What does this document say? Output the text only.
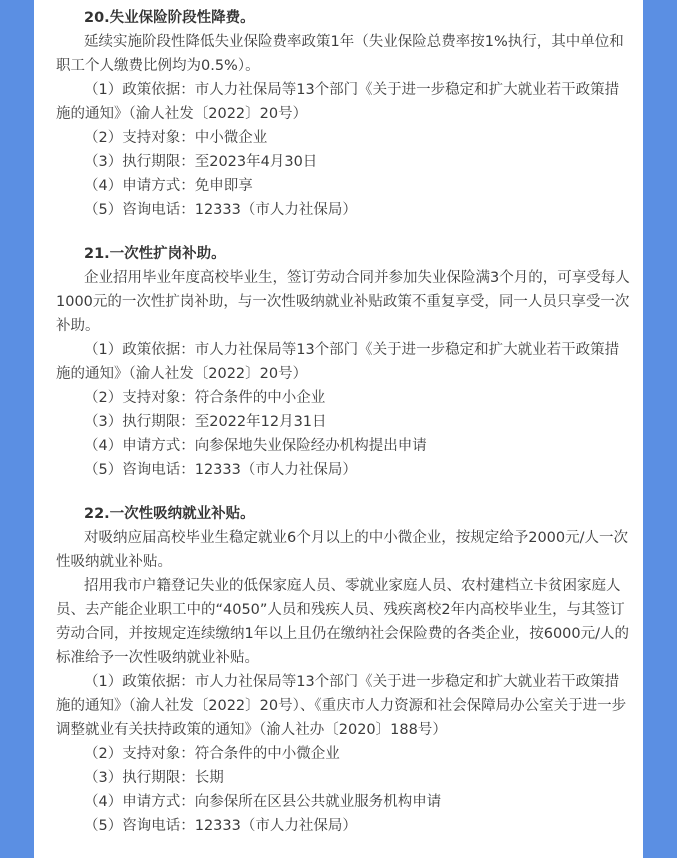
20.失业保险阶段性降费。

延续实施阶段性降低失业保险费率政策1年（失业保险总费率按1%执行，其中单位和职工个人缴费比例均为0.5%）。

（1）政策依据：市人力社保局等13个部门《关于进一步稳定和扩大就业若干政策措施的通知》（渝人社发〔2022〕20号）

（2）支持对象：中小微企业

（3）执行期限：至2023年4月30日

（4）申请方式：免申即享

（5）咨询电话：12333（市人力社保局）

21.一次性扩岗补助。

企业招用毕业年度高校毕业生，签订劳动合同并参加失业保险满3个月的，可享受每人1000元的一次性扩岗补助，与一次性吸纳就业补贴政策不重复享受，同一人员只享受一次补助。

（1）政策依据：市人力社保局等13个部门《关于进一步稳定和扩大就业若干政策措施的通知》（渝人社发〔2022〕20号）

（2）支持对象：符合条件的中小企业

（3）执行期限：至2022年12月31日

（4）申请方式：向参保地失业保险经办机构提出申请

（5）咨询电话：12333（市人力社保局）

22.一次性吸纳就业补贴。

对吸纳应届高校毕业生稳定就业6个月以上的中小微企业，按规定给予2000元/人一次性吸纳就业补贴。

招用我市户籍登记失业的低保家庭人员、零就业家庭人员、农村建档立卡贫困家庭人员、去产能企业职工中的“4050”人员和残疾人员、残疾离校2年内高校毕业生，与其签订劳动合同，并按规定连续缴纳1年以上且仍在缴纳社会保险费的各类企业，按6000元/人的标准给予一次性吸纳就业补贴。

（1）政策依据：市人力社保局等13个部门《关于进一步稳定和扩大就业若干政策措施的通知》（渝人社发〔2022〕20号）、《重庆市人力资源和社会保障局办公室关于进一步调整就业有关扶持政策的通知》（渝人社办〔2020〕188号）

（2）支持对象：符合条件的中小微企业

（3）执行期限：长期

（4）申请方式：向参保所在区县公共就业服务机构申请

（5）咨询电话：12333（市人力社保局）
